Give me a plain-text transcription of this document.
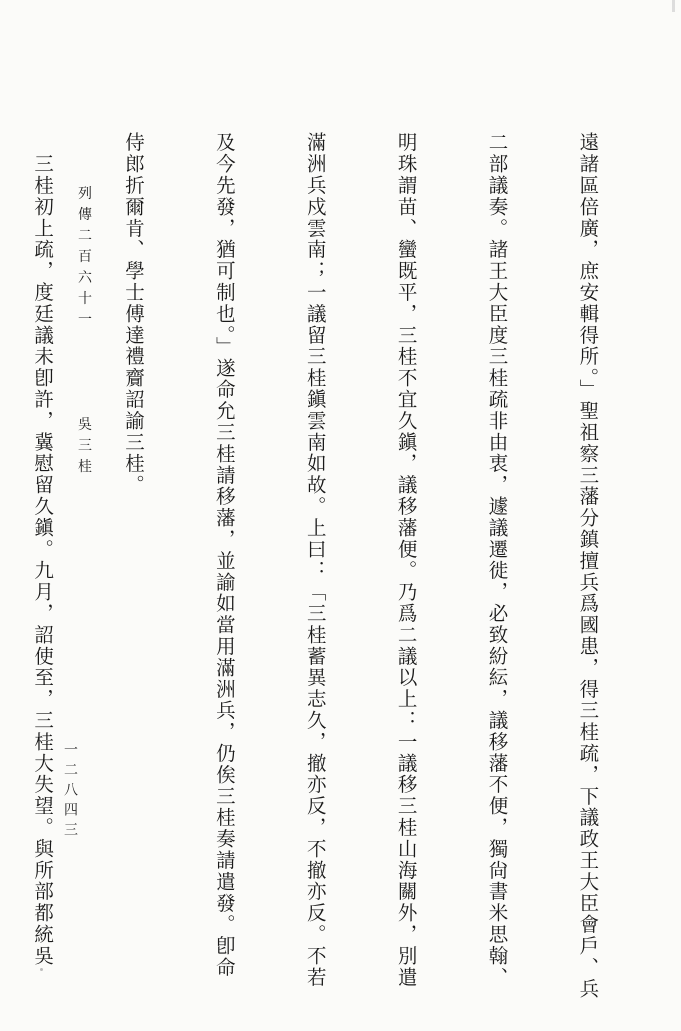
遠諸區倍廣，庶安輯得所。」聖祖察三藩分鎮擅兵爲國患，得三桂疏，下議政王大臣會戶、兵

二部議奏。諸王大臣度三桂疏非由衷，遽議遷徙，必致紛紜，議移藩不便，獨尙書米思翰、

明珠謂苗、蠻既平，三桂不宜久鎭，議移藩便。乃爲二議以上：一議移三桂山海關外，別遣

滿洲兵戍雲南；一議留三桂鎭雲南如故。上曰：「三桂蓄異志久，撤亦反，不撤亦反。不若

及今先發，猶可制也。」遂命允三桂請移藩，並諭如當用滿洲兵，仍俟三桂奏請遣發。卽命

侍郎折爾肯、學士傅達禮齎詔諭三桂。

　三桂初上疏，度廷議未卽許，冀慰留久鎭。九月，詔使至，三桂大失望。與所部都統吳

	列傳二百六十一　　　　吳三桂

一二八四三
